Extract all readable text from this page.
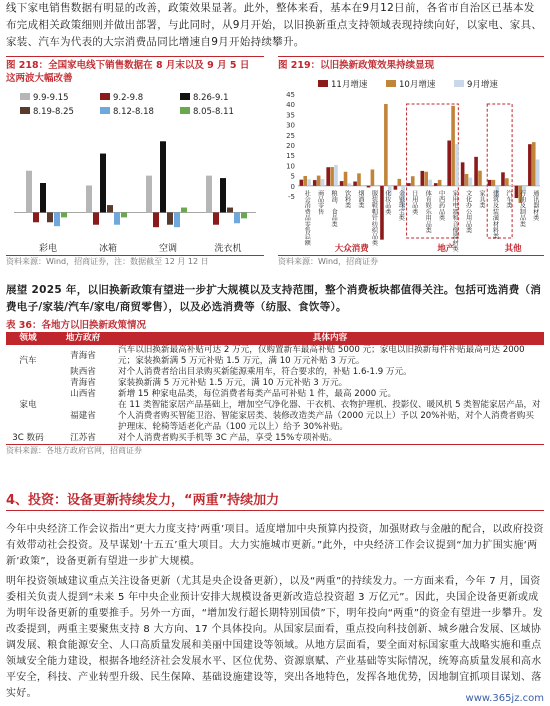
线下家电销售数据有明显的改善，政策效果显著。此外，整体来看，基本在9月12日前，各省市自治区已基本发布完成相关政策细则并做出部署，与此同时，从9月开始，以旧换新重点支持领域表现持续向好，以家电、家具、家装、汽车为代表的大宗消费品同比增速自9月开始持续攀升。
图 218：全国家电线下销售数据在 8 月末以及 9 月 5 日
这两波大幅改善
9.9-9.15	9.2-9.8	8.26-9.1
8.19-8.25	8.12-8.18	8.05-8.11
彩电	冰箱	空调	洗衣机
资料来源：Wind，招商证券，注：数据截至 12 月 12 日
图 219：以旧换新政策效果持续显现
11月增速	10月增速	9月增速
-5
0
5
10
15
20
25
30
35
40
45
社会消费品零售总额 商品零售 粮油、食品类 饮料类 烟酒类 服装鞋帽针纺织品类 化妆品类 金银珠宝类 日用品类 体育娱乐用品类 中西药品类 家用电器和音像器材类 文化办公用品类 家具类 建筑及装潢材料类 汽车类 石油及制品类 通讯器材类
大众消费	地产	其他
资料来源：Wind，招商证券
展望 2025 年，以旧换新政策有望进一步扩大规模以及支持范围，整个消费板块都值得关注。包括可选消费（消费电子/家装/汽车/家电/商贸零售），以及必选消费等（纺服、食饮等）。
表 36：各地方以旧换新政策情况
领域	地方政府	具体内容
汽车	青海省	汽车以旧换新最高补贴可达 2 万元，仅购置新车最高补贴 5000 元；家电以旧换新每件补贴最高可达 2000 元；家装换新满 5 万元补贴 1.5 万元，满 10 万元补贴 3 万元。
	陕西省	对个人消费者给出目录购买新能源乘用车，符合要求的，补贴 1.6-1.9 万元。
家电	青海省	家装换新满 5 万元补贴 1.5 万元，满 10 万元补贴 3 万元。
	山西省	新增 15 种家电品类，每位消费者每类产品可补贴 1 件，最高 2000 元。
	福建省	在 11 类智能家居产品基础上，增加空气净化器、干衣机、衣物护理机、投影仪、暖风机 5 类智能家居产品，对个人消费者购买智能卫浴、智能家居类、装修改造类产品（2000 元以上）予以 20%补贴，对个人消费者购买护理床、轮椅等适老化产品（100 元以上）给予 30%补贴。
3C 数码	江苏省	对个人消费者购买手机等 3C 产品，享受 15%专项补贴。
资料来源：各地方政府官网，招商证券
4、投资：设备更新持续发力，“两重”持续加力
今年中央经济工作会议指出“更大力度支持‘两重’项目。适度增加中央预算内投资，加强财政与金融的配合，以政府投资有效带动社会投资。及早谋划‘十五五’重大项目。大力实施城市更新。”此外，中央经济工作会议提到“加力扩围实施‘两新’政策”，设备更新有望进一步扩大规模。
明年投资领域建议重点关注设备更新（尤其是央企设备更新），以及“两重”的持续发力。一方面来看，今年 7 月，国资委相关负责人提到“未来 5 年中央企业预计安排大规模设备更新改造总投资超 3 万亿元”。因此，央国企设备更新或成为明年设备更新的重要推手。另外一方面，“增加发行超长期特别国债”下，明年投向“两重”的资金有望进一步攀升。发改委提到，两重主要聚焦支持 8 大方向、17 个具体投向。从国家层面看，重点投向科技创新、城乡融合发展、区域协调发展、粮食能源安全、人口高质量发展和美丽中国建设等领域。从地方层面看，要全面对标国家重大战略实施和重点领域安全能力建设，根据各地经济社会发展水平、区位优势、资源禀赋、产业基础等实际情况，统筹高质量发展和高水平安全，科技、产业转型升级、民生保障、基础设施建设等，突出各地特色，发挥各地优势，因地制宜抓项目谋划、落实好。	www.365jz.com
